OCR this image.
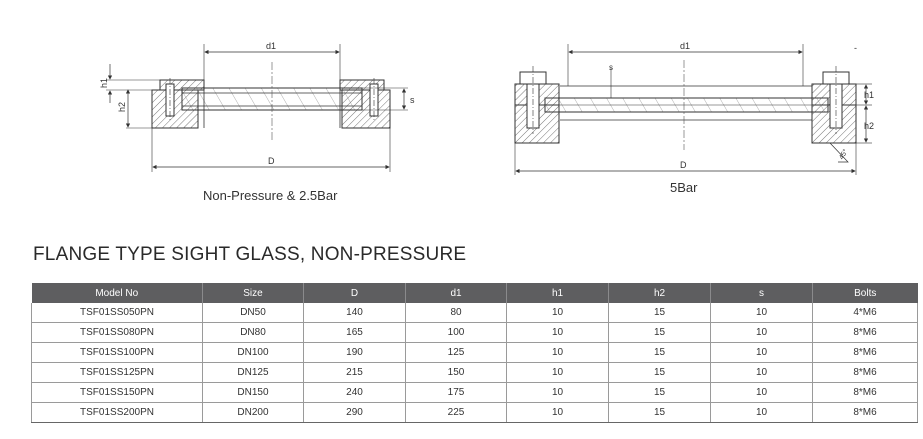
d1
D
h1
h2
s
d1
D
h1
h2
s
45°
-
Non-Pressure & 2.5Bar
5Bar
FLANGE TYPE SIGHT GLASS, NON-PRESSURE
Model No	Size	D	d1	h1	h2	s	Bolts
TSF01SS050PN	DN50	140	80	10	15	10	4*M6
TSF01SS080PN	DN80	165	100	10	15	10	8*M6
TSF01SS100PN	DN100	190	125	10	15	10	8*M6
TSF01SS125PN	DN125	215	150	10	15	10	8*M6
TSF01SS150PN	DN150	240	175	10	15	10	8*M6
TSF01SS200PN	DN200	290	225	10	15	10	8*M6
